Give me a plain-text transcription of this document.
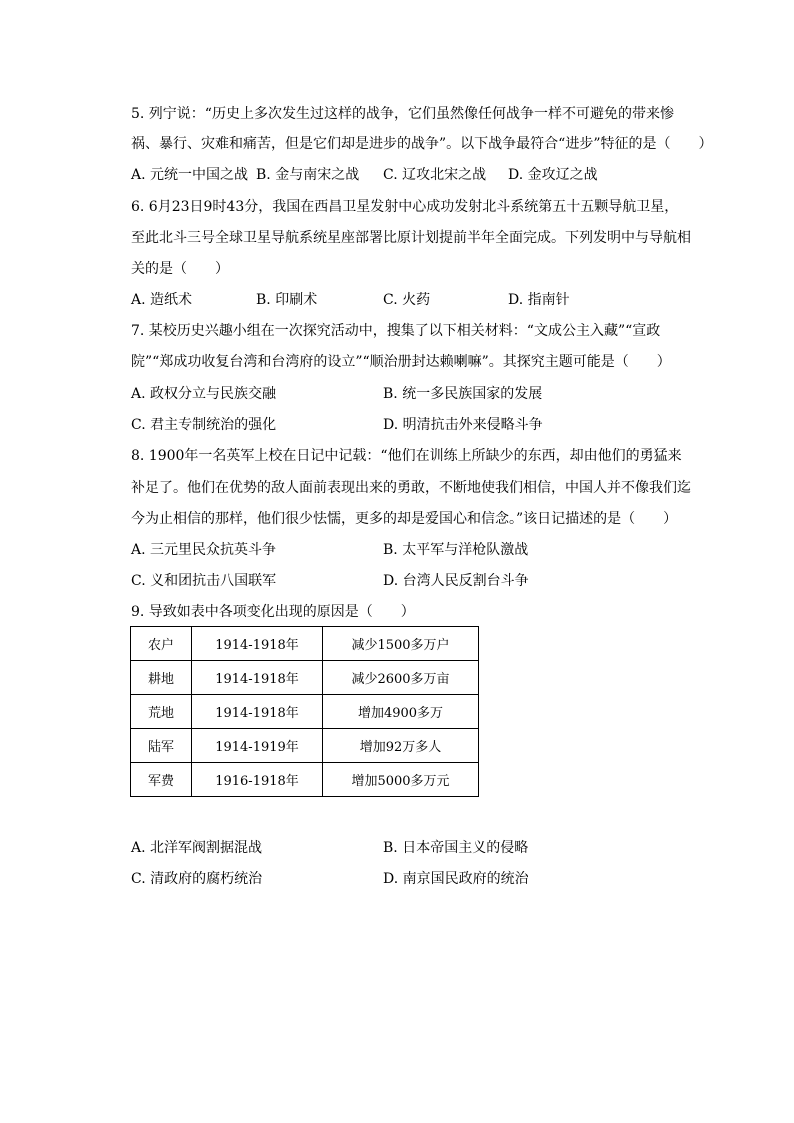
5. 列宁说：“历史上多次发生过这样的战争，它们虽然像任何战争一样不可避免的带来惨
祸、暴行、灾难和痛苦，但是它们却是进步的战争”。以下战争最符合“进步”特征的是（　　）
A. 元统一中国之战 B. 金与南宋之战 C. 辽攻北宋之战 D. 金攻辽之战
6. 6月23日9时43分，我国在西昌卫星发射中心成功发射北斗系统第五十五颗导航卫星，
至此北斗三号全球卫星导航系统星座部署比原计划提前半年全面完成。下列发明中与导航相
关的是（　　）
A. 造纸术	B. 印刷术	C. 火药	D. 指南针
7. 某校历史兴趣小组在一次探究活动中，搜集了以下相关材料：“文成公主入藏”“宣政
院”“郑成功收复台湾和台湾府的设立”“顺治册封达赖喇嘛”。其探究主题可能是（　　）
A. 政权分立与民族交融	B. 统一多民族国家的发展
C. 君主专制统治的强化	D. 明清抗击外来侵略斗争
8. 1900年一名英军上校在日记中记载：“他们在训练上所缺少的东西，却由他们的勇猛来
补足了。他们在优势的敌人面前表现出来的勇敢，不断地使我们相信，中国人并不像我们迄
今为止相信的那样，他们很少怯懦，更多的却是爱国心和信念。”该日记描述的是（　　）
A. 三元里民众抗英斗争	B. 太平军与洋枪队激战
C. 义和团抗击八国联军	D. 台湾人民反割台斗争
9. 导致如表中各项变化出现的原因是（　　）
农户	1914-1918年	减少1500多万户
耕地	1914-1918年	减少2600多万亩
荒地	1914-1918年	增加4900多万
陆军	1914-1919年	增加92万多人
军费	1916-1918年	增加5000多万元
A. 北洋军阀割据混战	B. 日本帝国主义的侵略
C. 清政府的腐朽统治	D. 南京国民政府的统治
